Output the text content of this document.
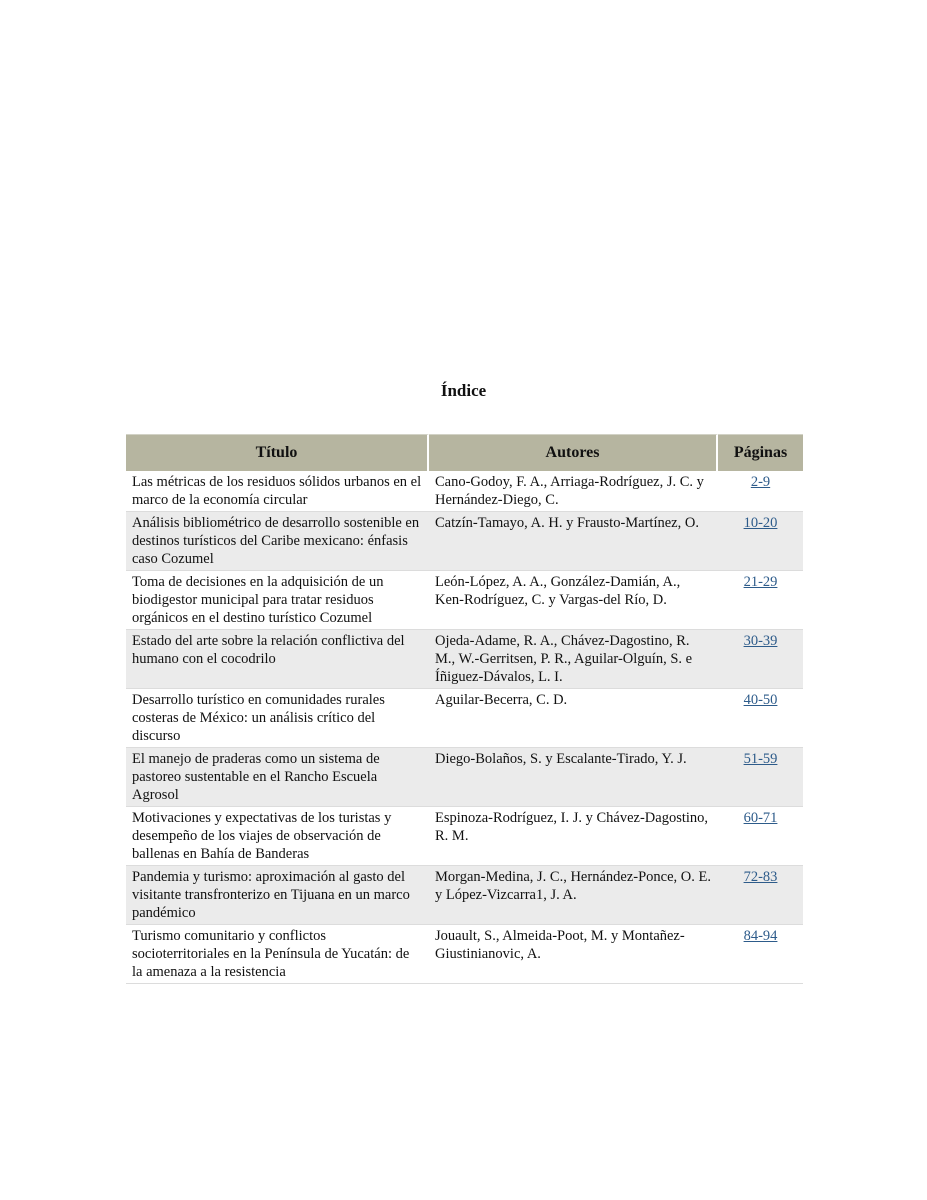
Índice
Título	Autores	Páginas
Las métricas de los residuos sólidos urbanos en el marco de la economía circular	Cano-Godoy, F. A., Arriaga-Rodríguez, J. C. y Hernández-Diego, C.	2-9
Análisis bibliométrico de desarrollo sostenible en destinos turísticos del Caribe mexicano: énfasis caso Cozumel	Catzín-Tamayo, A. H. y Frausto-Martínez, O.	10-20
Toma de decisiones en la adquisición de un biodigestor municipal para tratar residuos orgánicos en el destino turístico Cozumel	León-López, A. A., González-Damián, A., Ken-Rodríguez, C. y Vargas-del Río, D.	21-29
Estado del arte sobre la relación conflictiva del humano con el cocodrilo	Ojeda-Adame, R. A., Chávez-Dagostino, R. M., W.-Gerritsen, P. R., Aguilar-Olguín, S. e Íñiguez-Dávalos, L. I.	30-39
Desarrollo turístico en comunidades rurales costeras de México: un análisis crítico del discurso	Aguilar-Becerra, C. D.	40-50
El manejo de praderas como un sistema de pastoreo sustentable en el Rancho Escuela Agrosol	Diego-Bolaños, S. y Escalante-Tirado, Y. J.	51-59
Motivaciones y expectativas de los turistas y desempeño de los viajes de observación de ballenas en Bahía de Banderas	Espinoza-Rodríguez, I. J. y Chávez-Dagostino, R. M.	60-71
Pandemia y turismo: aproximación al gasto del visitante transfronterizo en Tijuana en un marco pandémico	Morgan-Medina, J. C., Hernández-Ponce, O. E. y López-Vizcarra1, J. A.	72-83
Turismo comunitario y conflictos socioterritoriales en la Península de Yucatán: de la amenaza a la resistencia	Jouault, S., Almeida-Poot, M. y Montañez-Giustinianovic, A.	84-94
